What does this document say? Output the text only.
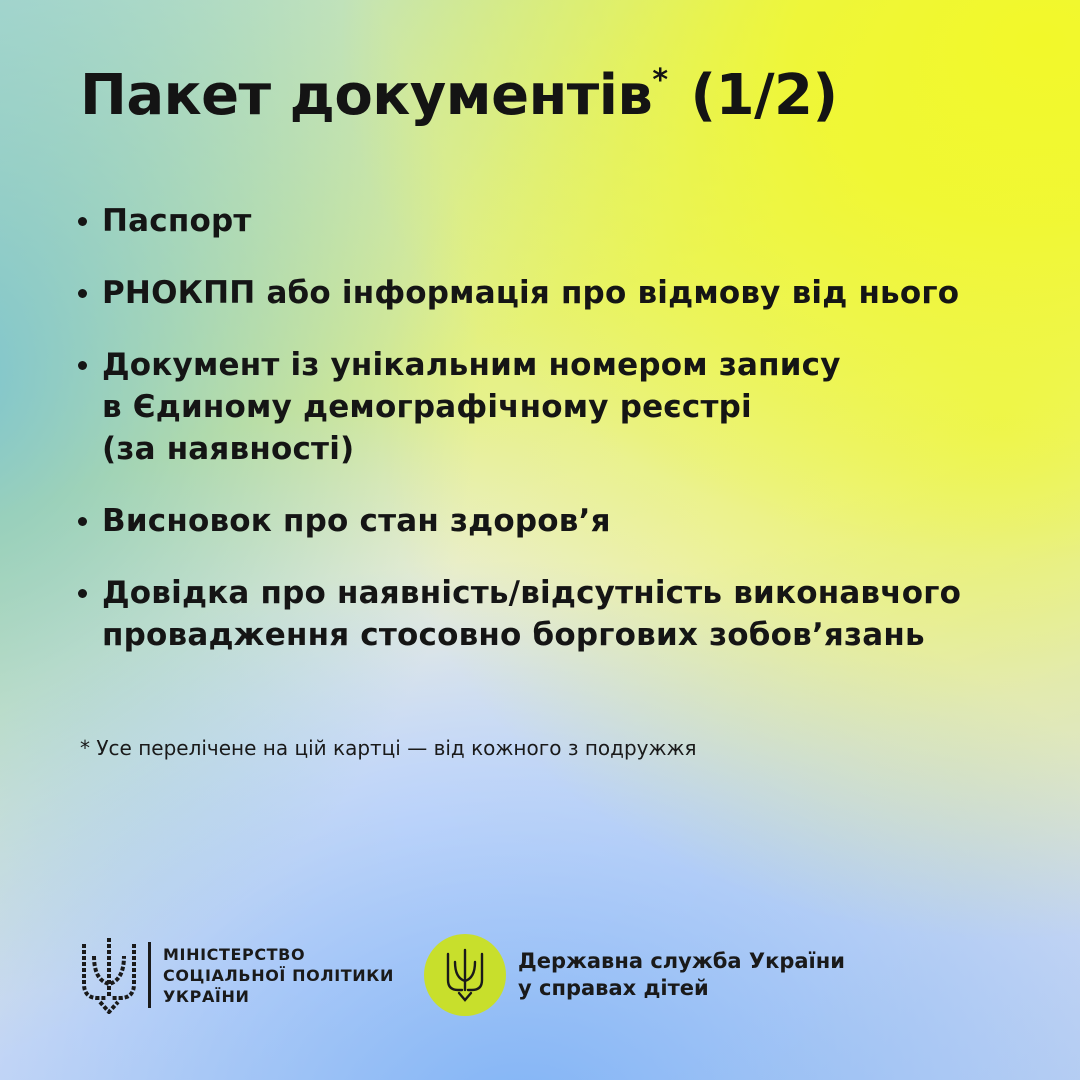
Пакет документів* (1/2)
Паспорт
РНОКПП або інформація про відмову від нього
Документ із унікальним номером запису
в Єдиному демографічному реєстрі
(за наявності)
Висновок про стан здоров’я
Довідка про наявність/відсутність виконавчого
провадження стосовно боргових зобов’язань
* Усе перелічене на цій картці — від кожного з подружжя
МІНІСТЕРСТВО
СОЦІАЛЬНОЇ ПОЛІТИКИ
УКРАЇНИ
Державна служба України
у справах дітей
